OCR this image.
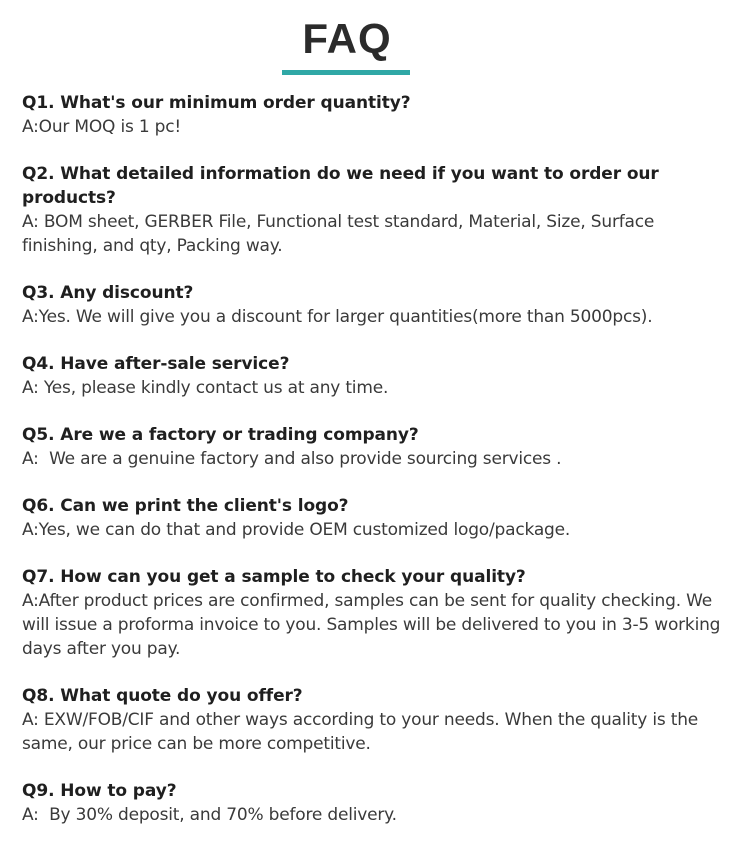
FAQ
Q1. What's our minimum order quantity?
A:Our MOQ is 1 pc!
Q2. What detailed information do we need if you want to order our products?
A: BOM sheet, GERBER File, Functional test standard, Material, Size, Surface finishing, and qty, Packing way.
Q3. Any discount?
A:Yes. We will give you a discount for larger quantities(more than 5000pcs).
Q4. Have after-sale service?
A: Yes, please kindly contact us at any time.
Q5. Are we a factory or trading company?
A:  We are a genuine factory and also provide sourcing services .
Q6. Can we print the client's logo?
A:Yes, we can do that and provide OEM customized logo/package.
Q7. How can you get a sample to check your quality?
A:After product prices are confirmed, samples can be sent for quality checking. We will issue a proforma invoice to you. Samples will be delivered to you in 3-5 working days after you pay.
Q8. What quote do you offer?
A: EXW/FOB/CIF and other ways according to your needs. When the quality is the same, our price can be more competitive.
Q9. How to pay?
A:  By 30% deposit, and 70% before delivery.
